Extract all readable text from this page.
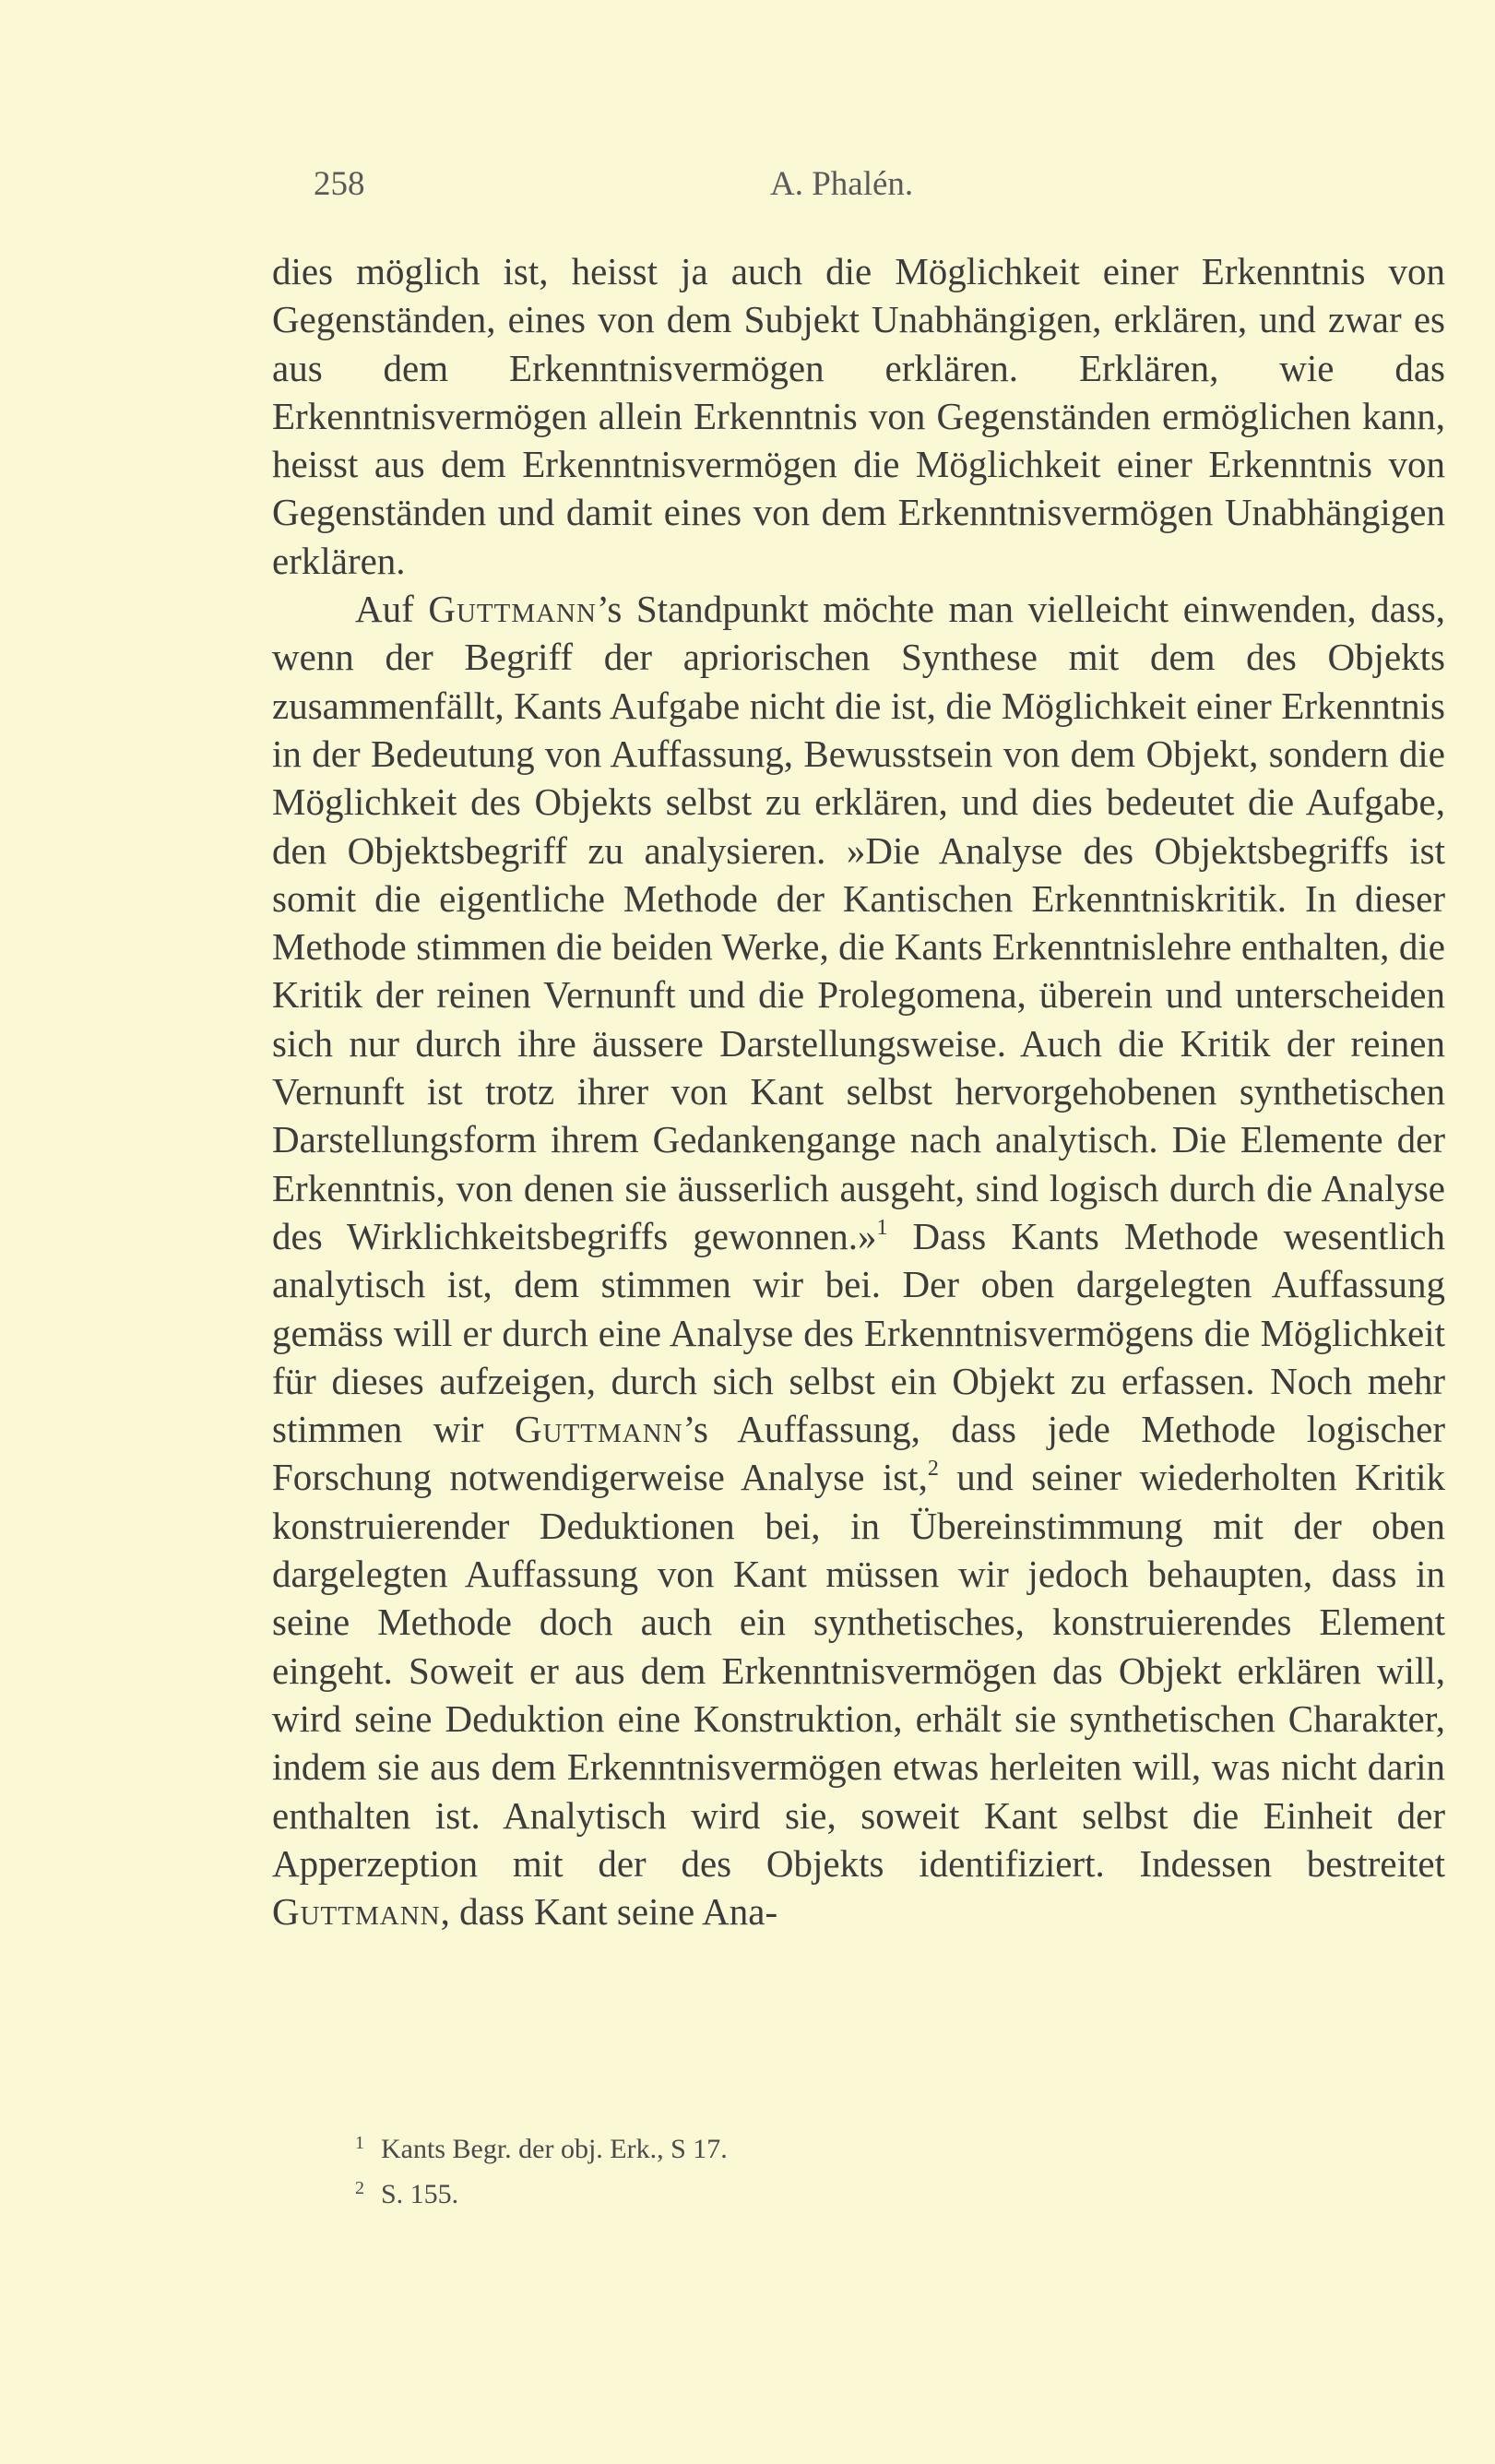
258	A. Phalén.

dies möglich ist, heisst ja auch die Möglichkeit einer Erkenntnis von Gegenständen, eines von dem Subjekt Unabhängigen, erklären, und zwar es aus dem Erkenntnisvermögen erklären. Erklären, wie das Erkenntnisvermögen allein Erkenntnis von Gegenständen ermöglichen kann, heisst aus dem Erkenntnisvermögen die Möglichkeit einer Erkenntnis von Gegenständen und damit eines von dem Erkenntnisvermögen Unabhängigen erklären.

Auf Guttmann’s Standpunkt möchte man vielleicht einwenden, dass, wenn der Begriff der apriorischen Synthese mit dem des Objekts zusammenfällt, Kants Aufgabe nicht die ist, die Möglichkeit einer Erkenntnis in der Bedeutung von Auffassung, Bewusstsein von dem Objekt, sondern die Möglichkeit des Objekts selbst zu erklären, und dies bedeutet die Aufgabe, den Objektsbegriff zu analysieren. »Die Analyse des Objektsbegriffs ist somit die eigentliche Methode der Kantischen Erkenntniskritik. In dieser Methode stimmen die beiden Werke, die Kants Erkenntnislehre enthalten, die Kritik der reinen Vernunft und die Prolegomena, überein und unterscheiden sich nur durch ihre äussere Darstellungsweise. Auch die Kritik der reinen Vernunft ist trotz ihrer von Kant selbst hervorgehobenen synthetischen Darstellungsform ihrem Gedankengange nach analytisch. Die Elemente der Erkenntnis, von denen sie äusserlich ausgeht, sind logisch durch die Analyse des Wirklichkeitsbegriffs gewonnen.»$^1$ Dass Kants Methode wesentlich analytisch ist, dem stimmen wir bei. Der oben dargelegten Auffassung gemäss will er durch eine Analyse des Erkenntnisvermögens die Möglichkeit für dieses aufzeigen, durch sich selbst ein Objekt zu erfassen. Noch mehr stimmen wir Guttmann’s Auffassung, dass jede Methode logischer Forschung notwendigerweise Analyse ist,$^2$ und seiner wiederholten Kritik konstruierender Deduktionen bei, in Übereinstimmung mit der oben dargelegten Auffassung von Kant müssen wir jedoch behaupten, dass in seine Methode doch auch ein synthetisches, konstruierendes Element eingeht. Soweit er aus dem Erkenntnisvermögen das Objekt erklären will, wird seine Deduktion eine Konstruktion, erhält sie synthetischen Charakter, indem sie aus dem Erkenntnisvermögen etwas herleiten will, was nicht darin enthalten ist. Analytisch wird sie, soweit Kant selbst die Einheit der Apperzeption mit der des Objekts identifiziert. Indessen bestreitet Guttmann, dass Kant seine Ana-

1 Kants Begr. der obj. Erk., S 17.
2 S. 155.
